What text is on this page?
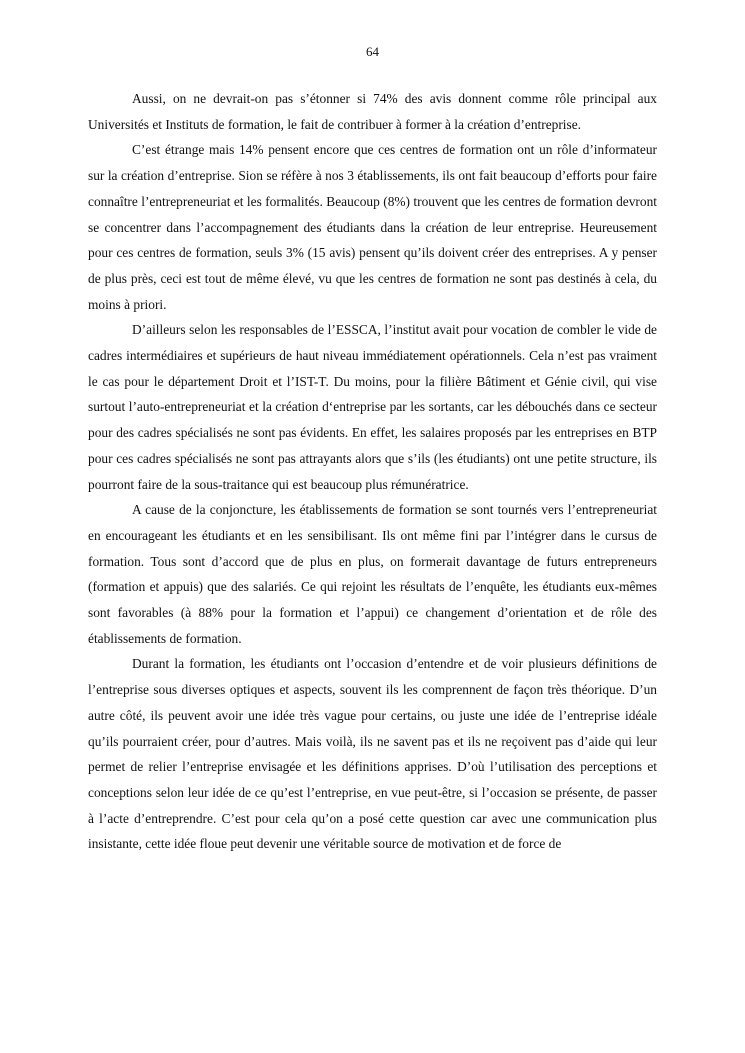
64

Aussi, on ne devrait-on pas s’étonner si 74% des avis donnent comme rôle principal aux Universités et Instituts de formation, le fait de contribuer à former à la création d’entreprise.

C’est étrange mais 14% pensent encore que ces centres de formation ont un rôle d’informateur sur la création d’entreprise. Sion se réfère à nos 3 établissements, ils ont fait beaucoup d’efforts pour faire connaître l’entrepreneuriat et les formalités. Beaucoup (8%) trouvent que les centres de formation devront se concentrer dans l’accompagnement des étudiants dans la création de leur entreprise. Heureusement pour ces centres de formation, seuls 3% (15 avis) pensent qu’ils doivent créer des entreprises. A y penser de plus près, ceci est tout de même élevé, vu que les centres de formation ne sont pas destinés à cela, du moins à priori.

D’ailleurs selon les responsables de l’ESSCA, l’institut avait pour vocation de combler le vide de cadres intermédiaires et supérieurs de haut niveau immédiatement opérationnels. Cela n’est pas vraiment le cas pour le département Droit et l’IST-T. Du moins, pour la filière Bâtiment et Génie civil, qui vise surtout l’auto-entrepreneuriat et la création d‘entreprise par les sortants, car les débouchés dans ce secteur pour des cadres spécialisés ne sont pas évidents. En effet, les salaires proposés par les entreprises en BTP pour ces cadres spécialisés ne sont pas attrayants alors que s’ils (les étudiants) ont une petite structure, ils pourront faire de la sous-traitance qui est beaucoup plus rémunératrice.

A cause de la conjoncture, les établissements de formation se sont tournés vers l’entrepreneuriat en encourageant les étudiants et en les sensibilisant. Ils ont même fini par l’intégrer dans le cursus de formation. Tous sont d’accord que de plus en plus, on formerait davantage de futurs entrepreneurs (formation et appuis) que des salariés. Ce qui rejoint les résultats de l’enquête, les étudiants eux-mêmes sont favorables (à 88% pour la formation et l’appui) ce changement d’orientation et de rôle des établissements de formation.

Durant la formation, les étudiants ont l’occasion d’entendre et de voir plusieurs définitions de l’entreprise sous diverses optiques et aspects, souvent ils les comprennent de façon très théorique. D’un autre côté, ils peuvent avoir une idée très vague pour certains, ou juste une idée de l’entreprise idéale qu’ils pourraient créer, pour d’autres. Mais voilà, ils ne savent pas et ils ne reçoivent pas d’aide qui leur permet de relier l’entreprise envisagée et les définitions apprises. D’où l’utilisation des perceptions et conceptions selon leur idée de ce qu’est l’entreprise, en vue peut-être, si l’occasion se présente, de passer à l’acte d’entreprendre. C’est pour cela qu’on a posé cette question car avec une communication plus insistante, cette idée floue peut devenir une véritable source de motivation et de force de
